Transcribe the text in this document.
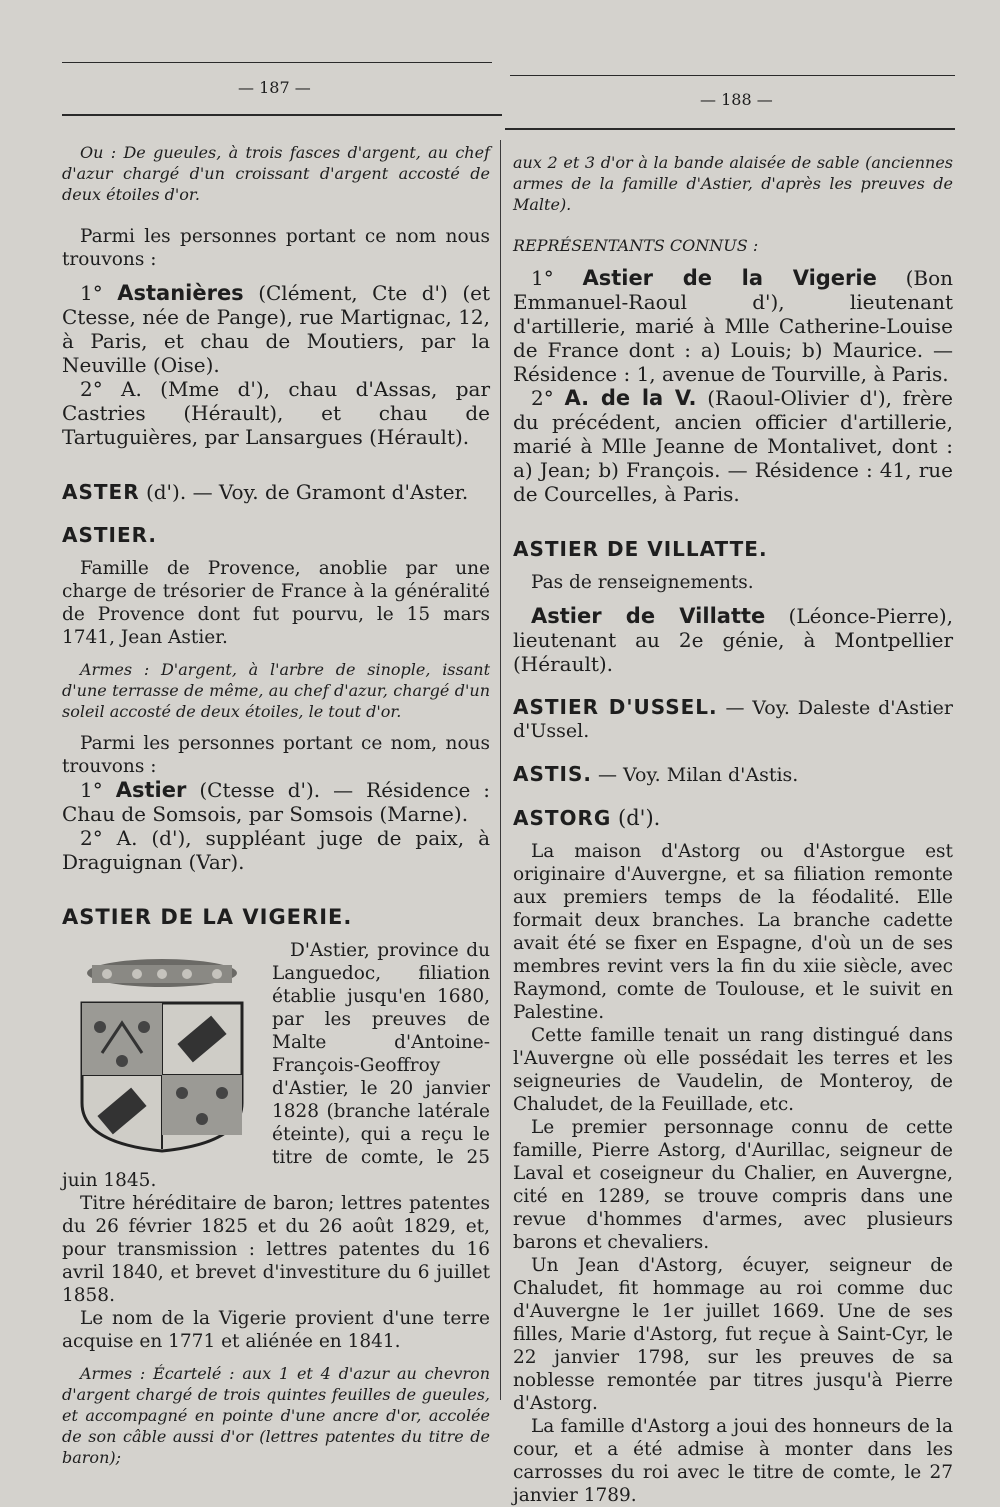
— 187 —
— 188 —

Ou : De gueules, à trois fasces d'argent, au chef d'azur chargé d'un croissant d'argent accosté de deux étoiles d'or.

Parmi les personnes portant ce nom nous trouvons :

1° Astanières (Clément, Cte d') (et Ctesse, née de Pange), rue Martignac, 12, à Paris, et chau de Moutiers, par la Neuville (Oise).

2° A. (Mme d'), chau d'Assas, par Castries (Hérault), et chau de Tartuguières, par Lansargues (Hérault).

ASTER (d'). — Voy. de Gramont d'Aster.

ASTIER.

Famille de Provence, anoblie par une charge de trésorier de France à la généralité de Provence dont fut pourvu, le 15 mars 1741, Jean Astier.

Armes : D'argent, à l'arbre de sinople, issant d'une terrasse de même, au chef d'azur, chargé d'un soleil accosté de deux étoiles, le tout d'or.

Parmi les personnes portant ce nom, nous trouvons :

1° Astier (Ctesse d'). — Résidence : Chau de Somsois, par Somsois (Marne).

2° A. (d'), suppléant juge de paix, à Draguignan (Var).

ASTIER DE LA VIGERIE.

D'Astier, province du Languedoc, filiation établie jusqu'en 1680, par les preuves de Malte d'Antoine-François-Geoffroy d'Astier, le 20 janvier 1828 (branche latérale éteinte), qui a reçu le titre de comte, le 25 juin 1845.

Titre héréditaire de baron; lettres patentes du 26 février 1825 et du 26 août 1829, et, pour transmission : lettres patentes du 16 avril 1840, et brevet d'investiture du 6 juillet 1858.

Le nom de la Vigerie provient d'une terre acquise en 1771 et aliénée en 1841.

Armes : Écartelé : aux 1 et 4 d'azur au chevron d'argent chargé de trois quintes feuilles de gueules, et accompagné en pointe d'une ancre d'or, accolée de son câble aussi d'or (lettres patentes du titre de baron);

aux 2 et 3 d'or à la bande alaisée de sable (anciennes armes de la famille d'Astier, d'après les preuves de Malte).

REPRÉSENTANTS CONNUS :

1° Astier de la Vigerie (Bon Emmanuel-Raoul d'), lieutenant d'artillerie, marié à Mlle Catherine-Louise de France dont : a) Louis; b) Maurice. — Résidence : 1, avenue de Tourville, à Paris.

2° A. de la V. (Raoul-Olivier d'), frère du précédent, ancien officier d'artillerie, marié à Mlle Jeanne de Montalivet, dont : a) Jean; b) François. — Résidence : 41, rue de Courcelles, à Paris.

ASTIER DE VILLATTE.

Pas de renseignements.

Astier de Villatte (Léonce-Pierre), lieutenant au 2e génie, à Montpellier (Hérault).

ASTIER D'USSEL. — Voy. Daleste d'Astier d'Ussel.

ASTIS. — Voy. Milan d'Astis.

ASTORG (d').

La maison d'Astorg ou d'Astorgue est originaire d'Auvergne, et sa filiation remonte aux premiers temps de la féodalité. Elle formait deux branches. La branche cadette avait été se fixer en Espagne, d'où un de ses membres revint vers la fin du xiie siècle, avec Raymond, comte de Toulouse, et le suivit en Palestine.

Cette famille tenait un rang distingué dans l'Auvergne où elle possédait les terres et les seigneuries de Vaudelin, de Monteroy, de Chaludet, de la Feuillade, etc.

Le premier personnage connu de cette famille, Pierre Astorg, d'Aurillac, seigneur de Laval et coseigneur du Chalier, en Auvergne, cité en 1289, se trouve compris dans une revue d'hommes d'armes, avec plusieurs barons et chevaliers.

Un Jean d'Astorg, écuyer, seigneur de Chaludet, fit hommage au roi comme duc d'Auvergne le 1er juillet 1669. Une de ses filles, Marie d'Astorg, fut reçue à Saint-Cyr, le 22 janvier 1798, sur les preuves de sa noblesse remontée par titres jusqu'à Pierre d'Astorg.

La famille d'Astorg a joui des honneurs de la cour, et a été admise à monter dans les carrosses du roi avec le titre de comte, le 27 janvier 1789.
